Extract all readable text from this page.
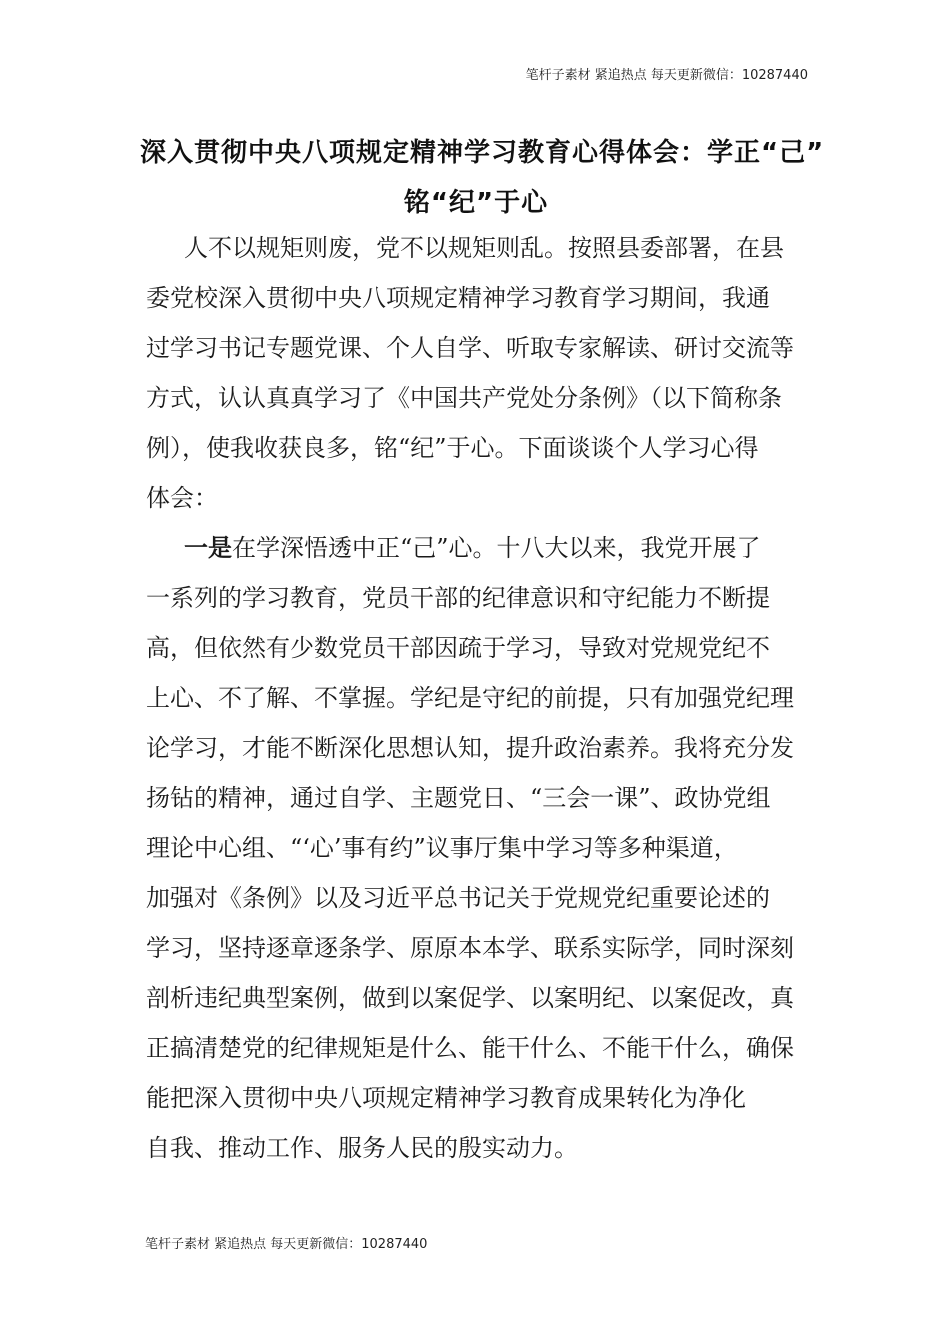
笔杆子素材 紧追热点 每天更新微信：10287440
深入贯彻中央八项规定精神学习教育心得体会：学正“己”
铭“纪”于心
人不以规矩则废，党不以规矩则乱。按照县委部署，在县
委党校深入贯彻中央八项规定精神学习教育学习期间，我通
过学习书记专题党课、个人自学、听取专家解读、研讨交流等
方式，认认真真学习了《中国共产党处分条例》（以下简称条
例），使我收获良多，铭“纪”于心。下面谈谈个人学习心得
体会：
一是在学深悟透中正“己”心。十八大以来，我党开展了
一系列的学习教育，党员干部的纪律意识和守纪能力不断提
高，但依然有少数党员干部因疏于学习，导致对党规党纪不
上心、不了解、不掌握。学纪是守纪的前提，只有加强党纪理
论学习，才能不断深化思想认知，提升政治素养。我将充分发
扬钻的精神，通过自学、主题党日、“三会一课”、政协党组
理论中心组、“‘心’事有约”议事厅集中学习等多种渠道，
加强对《条例》以及习近平总书记关于党规党纪重要论述的
学习，坚持逐章逐条学、原原本本学、联系实际学，同时深刻
剖析违纪典型案例，做到以案促学、以案明纪、以案促改，真
正搞清楚党的纪律规矩是什么、能干什么、不能干什么，确保
能把深入贯彻中央八项规定精神学习教育成果转化为净化
自我、推动工作、服务人民的殷实动力。
笔杆子素材 紧追热点 每天更新微信：10287440
